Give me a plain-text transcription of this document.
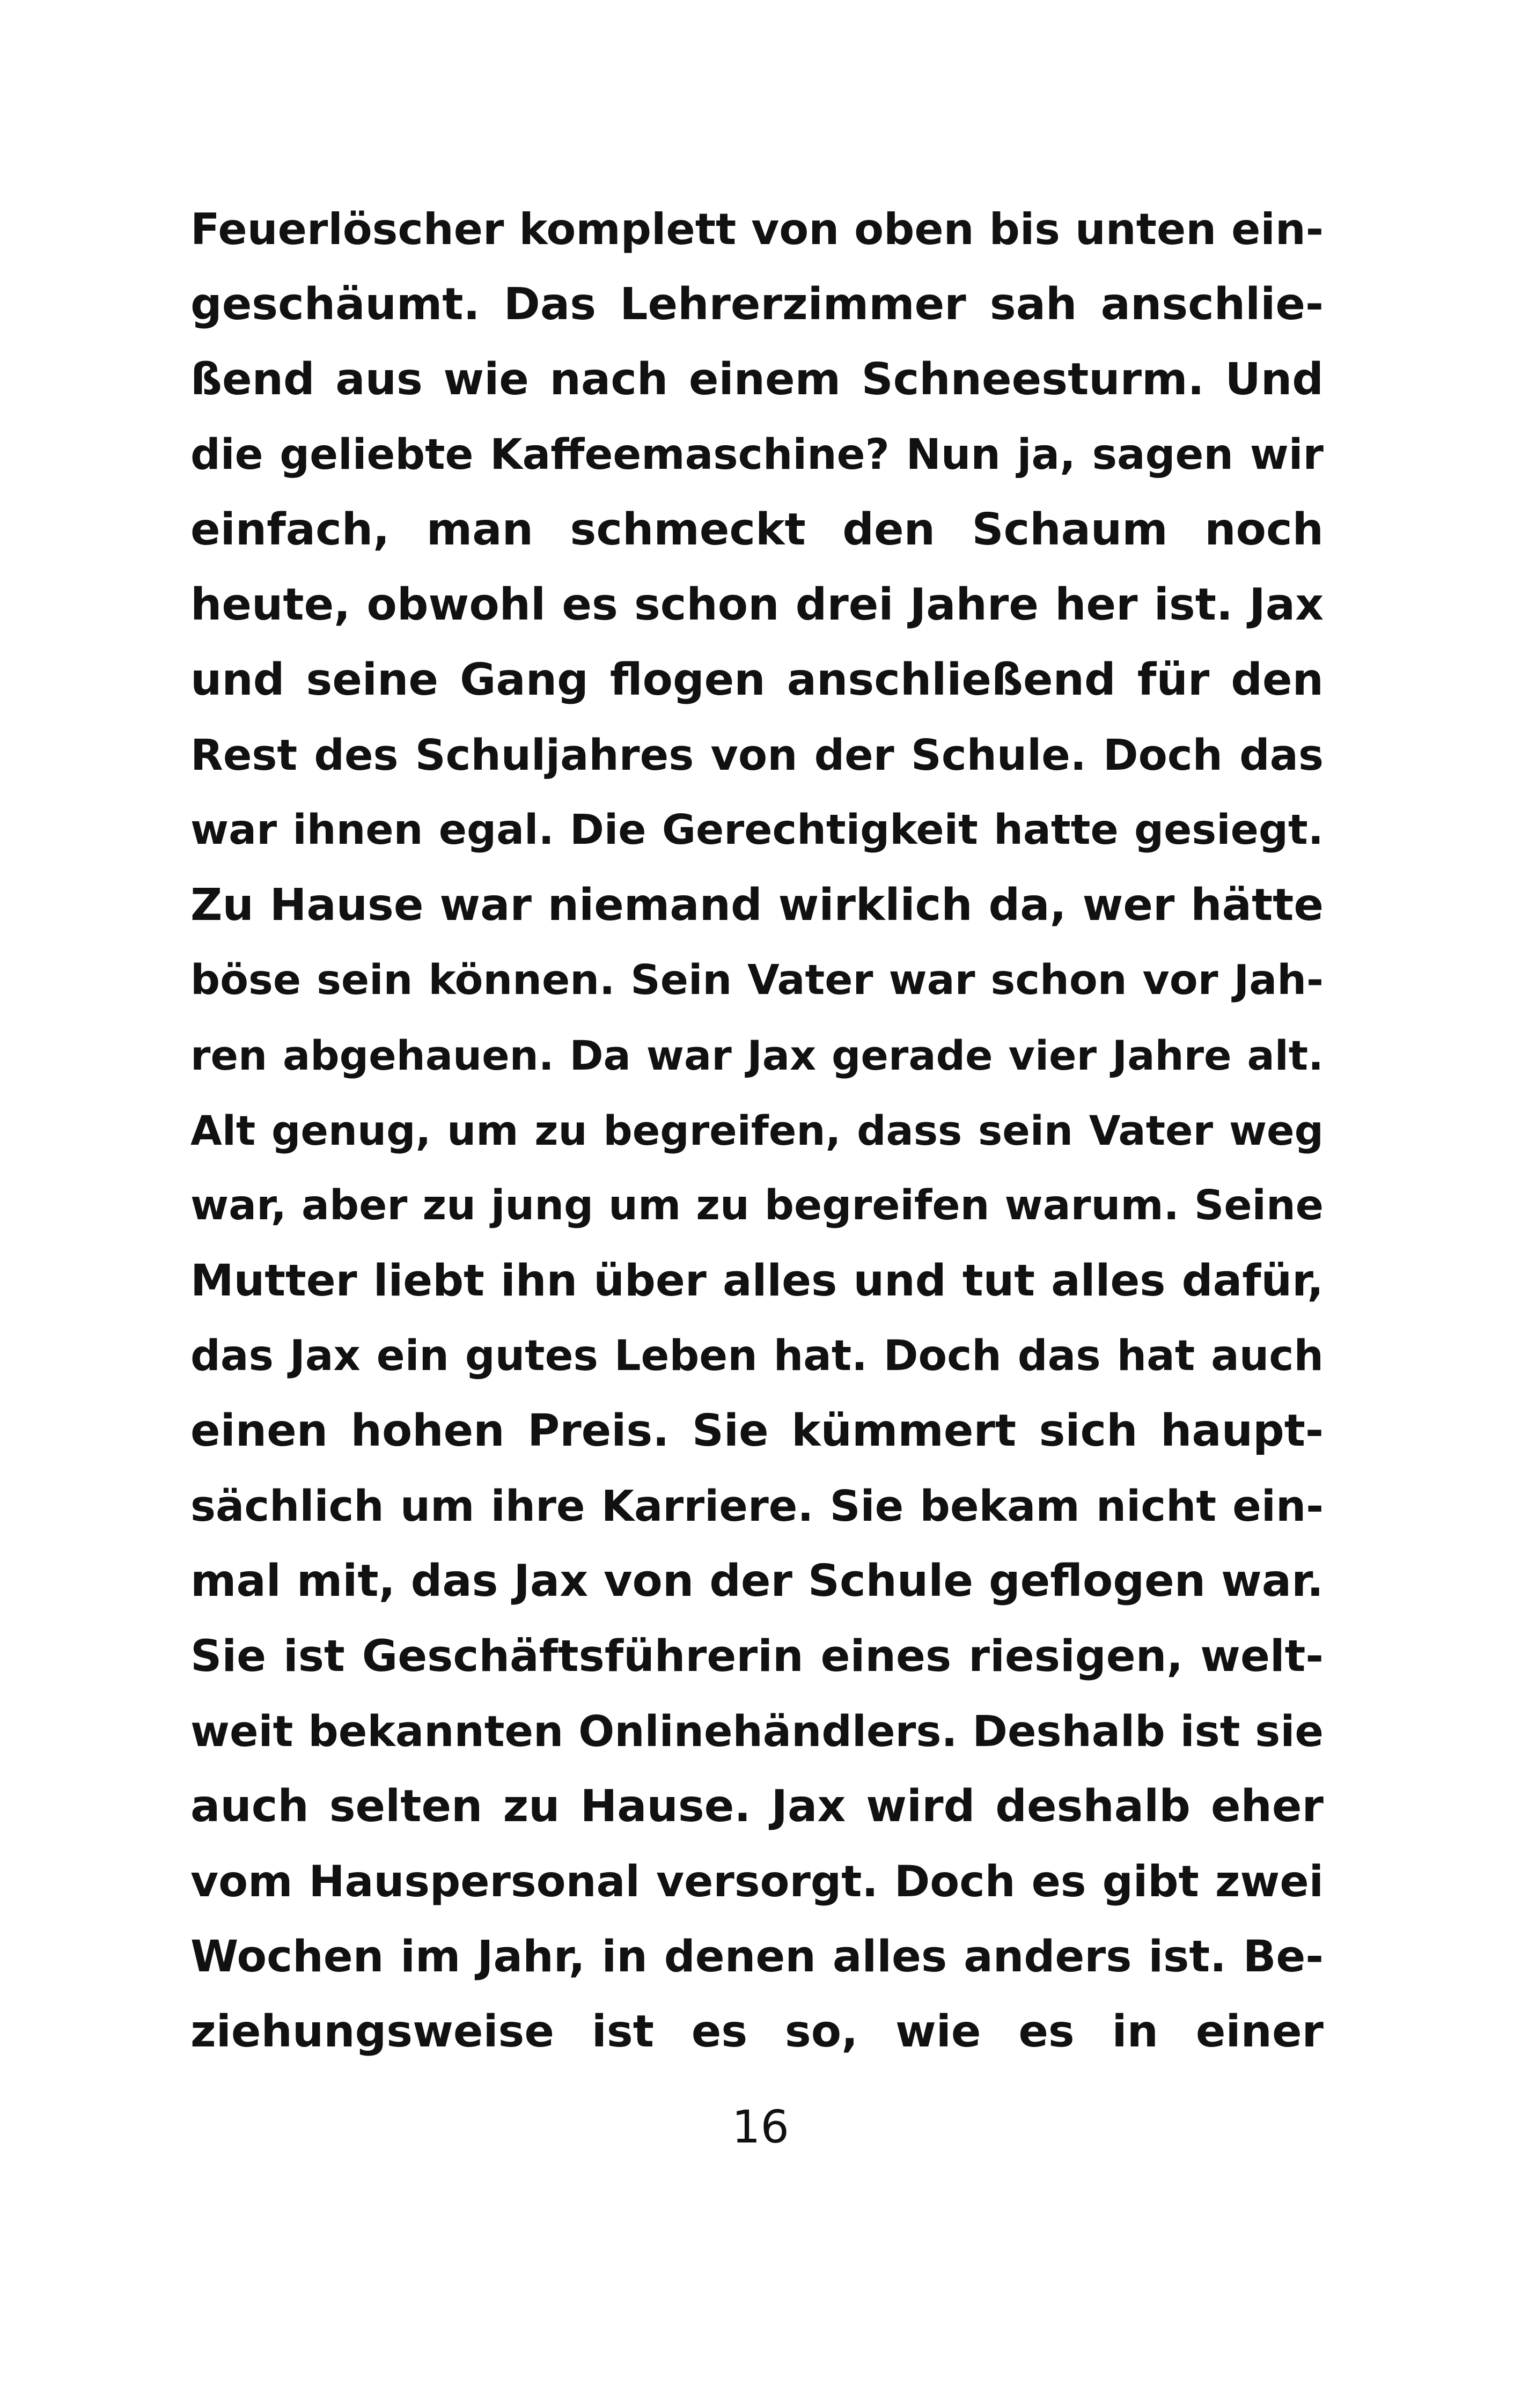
Feuerlöscher komplett von oben bis unten ein-
geschäumt. Das Lehrerzimmer sah anschlie-
ßend aus wie nach einem Schneesturm. Und
die geliebte Kaffeemaschine? Nun ja, sagen wir
einfach, man schmeckt den Schaum noch
heute, obwohl es schon drei Jahre her ist. Jax
und seine Gang flogen anschließend für den
Rest des Schuljahres von der Schule. Doch das
war ihnen egal. Die Gerechtigkeit hatte gesiegt.
Zu Hause war niemand wirklich da, wer hätte
böse sein können. Sein Vater war schon vor Jah-
ren abgehauen. Da war Jax gerade vier Jahre alt.
Alt genug, um zu begreifen, dass sein Vater weg
war, aber zu jung um zu begreifen warum. Seine
Mutter liebt ihn über alles und tut alles dafür,
das Jax ein gutes Leben hat. Doch das hat auch
einen hohen Preis. Sie kümmert sich haupt-
sächlich um ihre Karriere. Sie bekam nicht ein-
mal mit, das Jax von der Schule geflogen war.
Sie ist Geschäftsführerin eines riesigen, welt-
weit bekannten Onlinehändlers. Deshalb ist sie
auch selten zu Hause. Jax wird deshalb eher
vom Hauspersonal versorgt. Doch es gibt zwei
Wochen im Jahr, in denen alles anders ist. Be-
ziehungsweise ist es so, wie es in einer
16
